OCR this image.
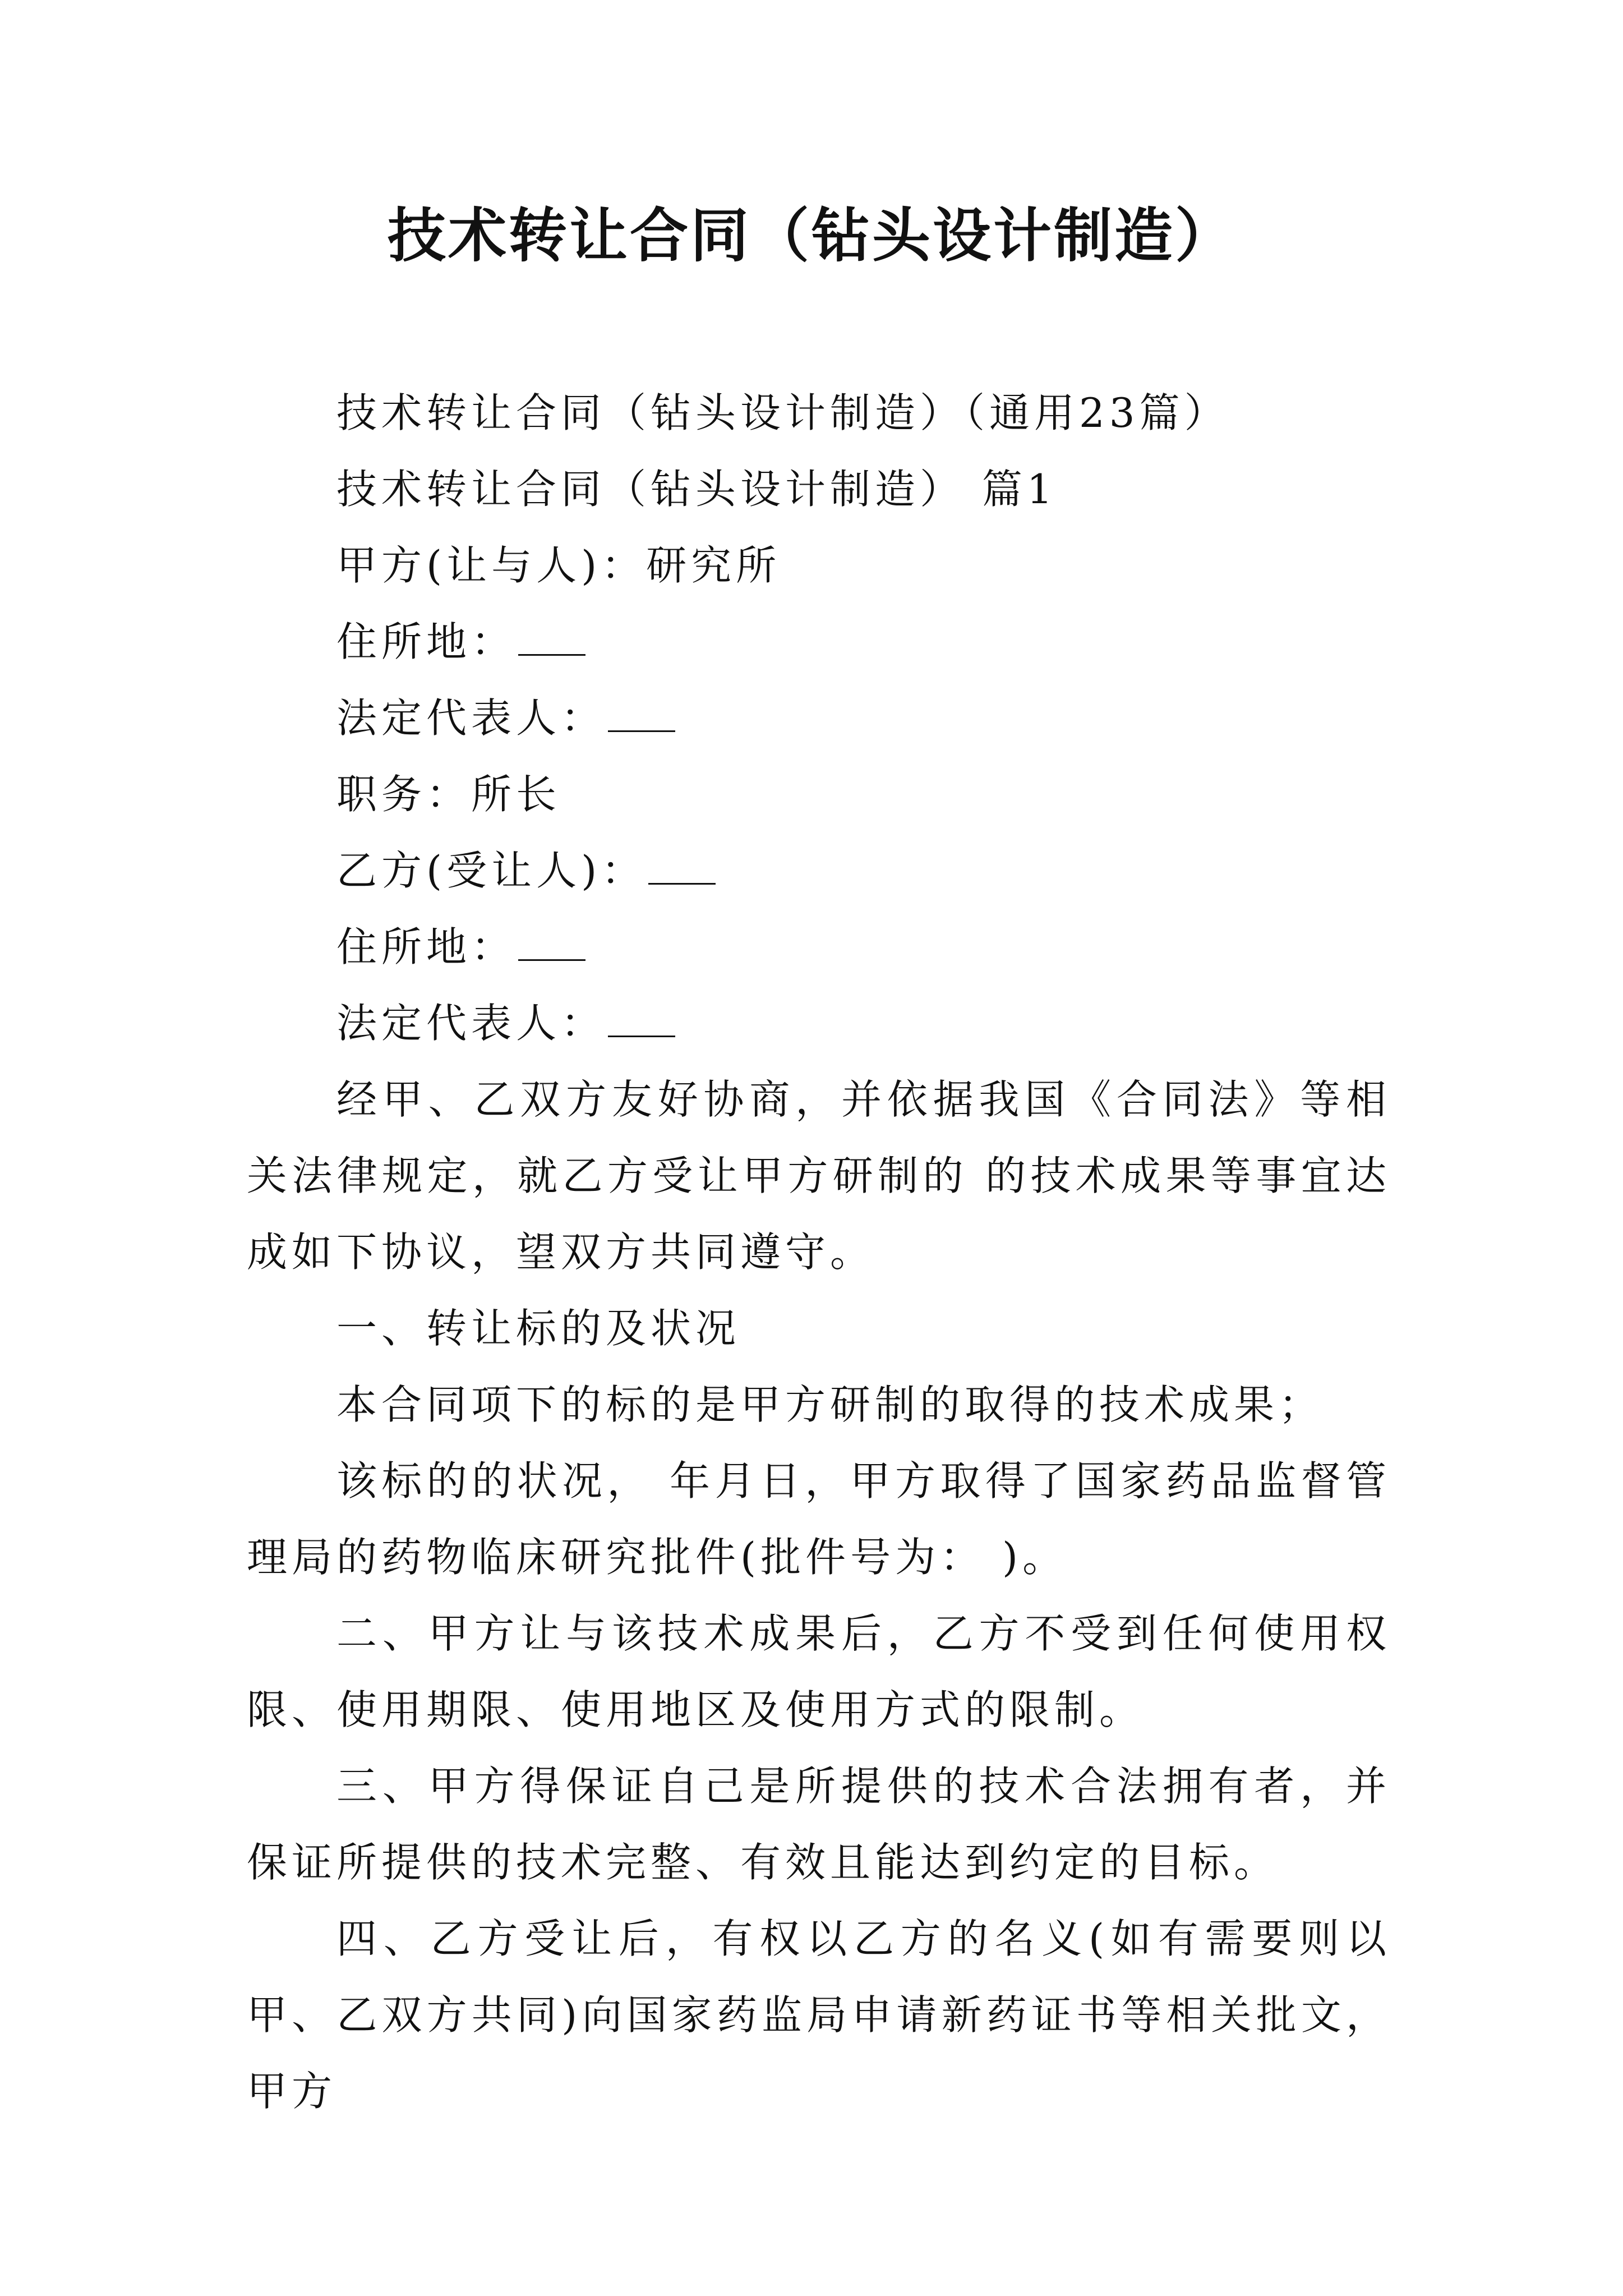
技术转让合同（钻头设计制造）
技术转让合同（钻头设计制造）（通用23篇）
技术转让合同（钻头设计制造） 篇1
甲方(让与人)：研究所
住所地：
法定代表人：
职务：所长
乙方(受让人)：
住所地：
法定代表人：
经甲、乙双方友好协商，并依据我国《合同法》等相关法律规定，就乙方受让甲方研制的 的技术成果等事宜达成如下协议，望双方共同遵守。
一、转让标的及状况
本合同项下的标的是甲方研制的取得的技术成果；
该标的的状况， 年月日，甲方取得了国家药品监督管理局的药物临床研究批件(批件号为： )。
二、甲方让与该技术成果后，乙方不受到任何使用权限、使用期限、使用地区及使用方式的限制。
三、甲方得保证自己是所提供的技术合法拥有者，并保证所提供的技术完整、有效且能达到约定的目标。
四、乙方受让后，有权以乙方的名义(如有需要则以甲、乙双方共同)向国家药监局申请新药证书等相关批文，甲方
